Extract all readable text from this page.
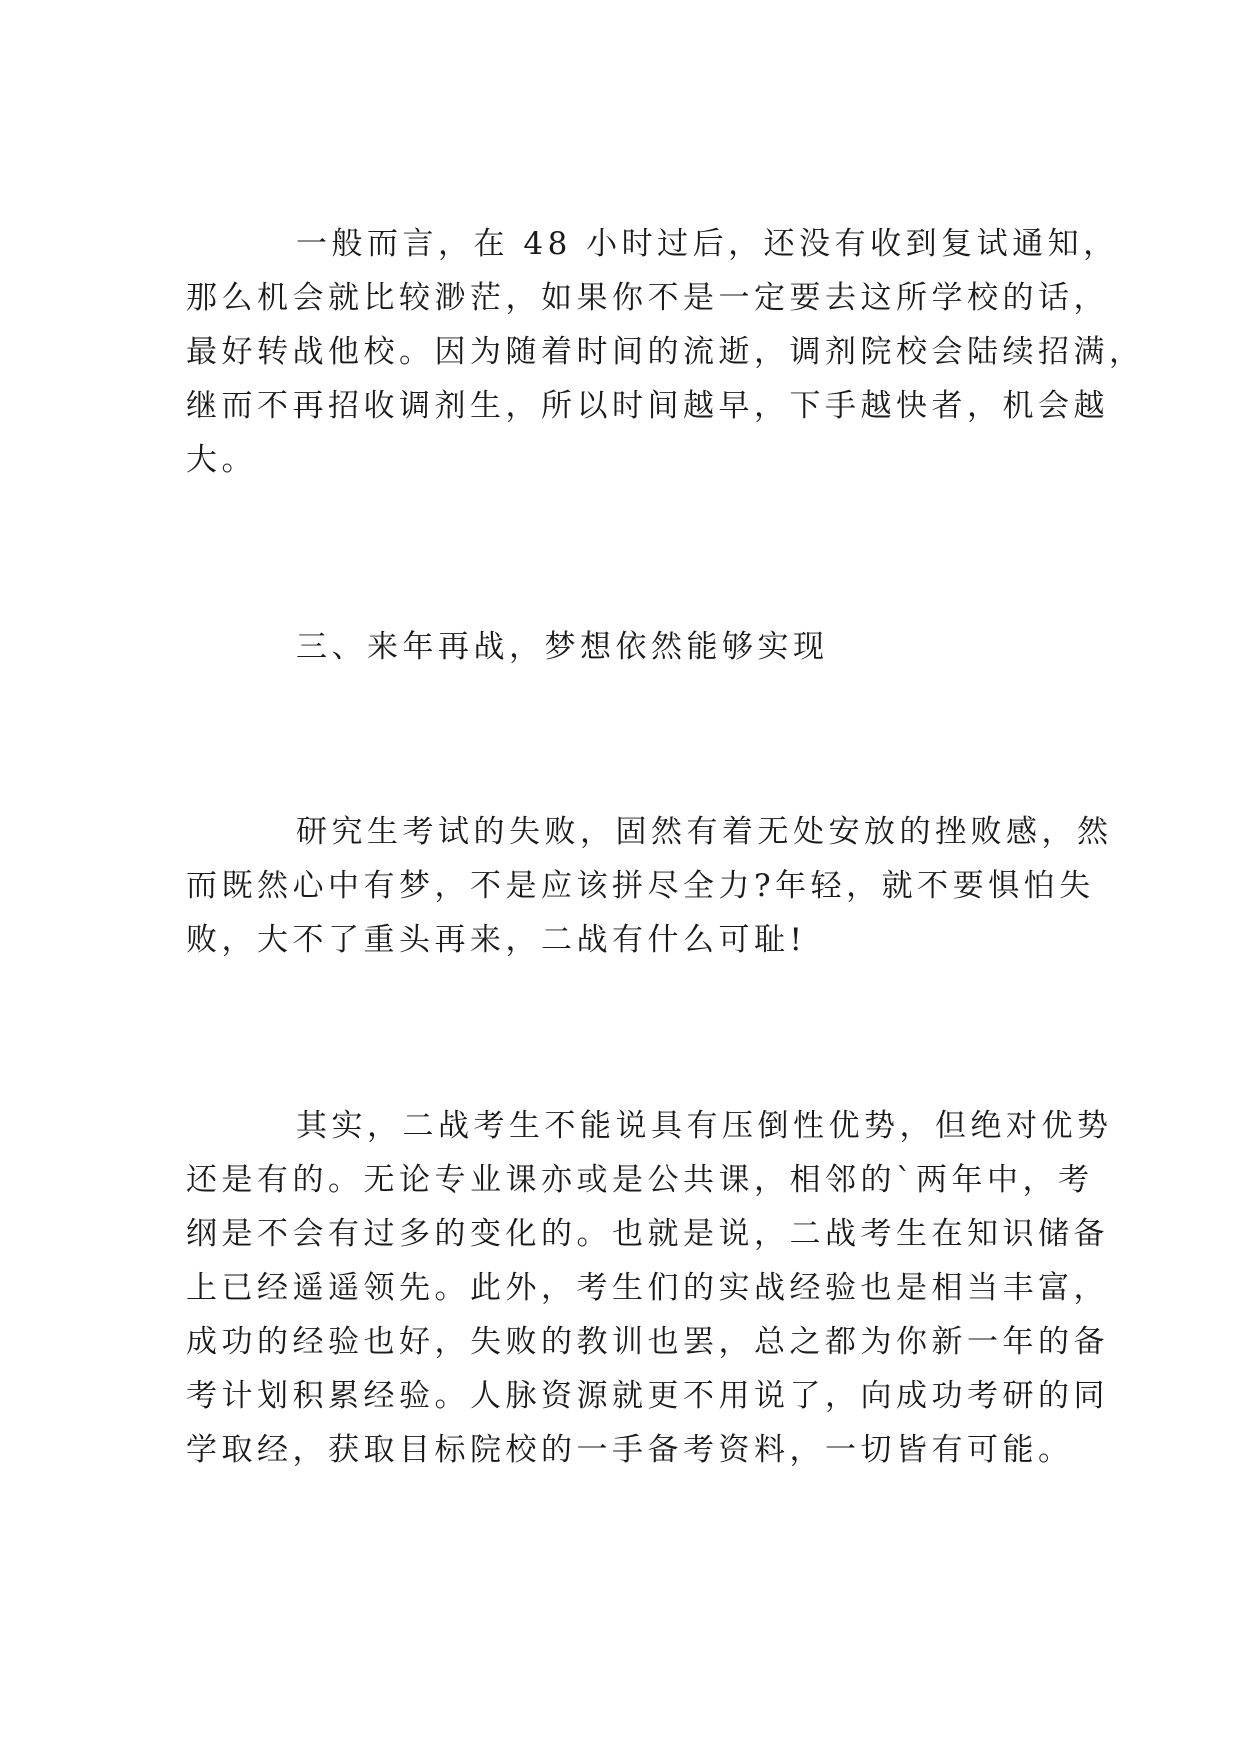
一般而言，在 48 小时过后，还没有收到复试通知，
那么机会就比较渺茫，如果你不是一定要去这所学校的话，
最好转战他校。因为随着时间的流逝，调剂院校会陆续招满，
继而不再招收调剂生，所以时间越早，下手越快者，机会越
大。
三、来年再战，梦想依然能够实现
研究生考试的失败，固然有着无处安放的挫败感，然
而既然心中有梦，不是应该拼尽全力?年轻，就不要惧怕失
败，大不了重头再来，二战有什么可耻!
其实，二战考生不能说具有压倒性优势，但绝对优势
还是有的。无论专业课亦或是公共课，相邻的`两年中，考
纲是不会有过多的变化的。也就是说，二战考生在知识储备
上已经遥遥领先。此外，考生们的实战经验也是相当丰富，
成功的经验也好，失败的教训也罢，总之都为你新一年的备
考计划积累经验。人脉资源就更不用说了，向成功考研的同
学取经，获取目标院校的一手备考资料，一切皆有可能。
